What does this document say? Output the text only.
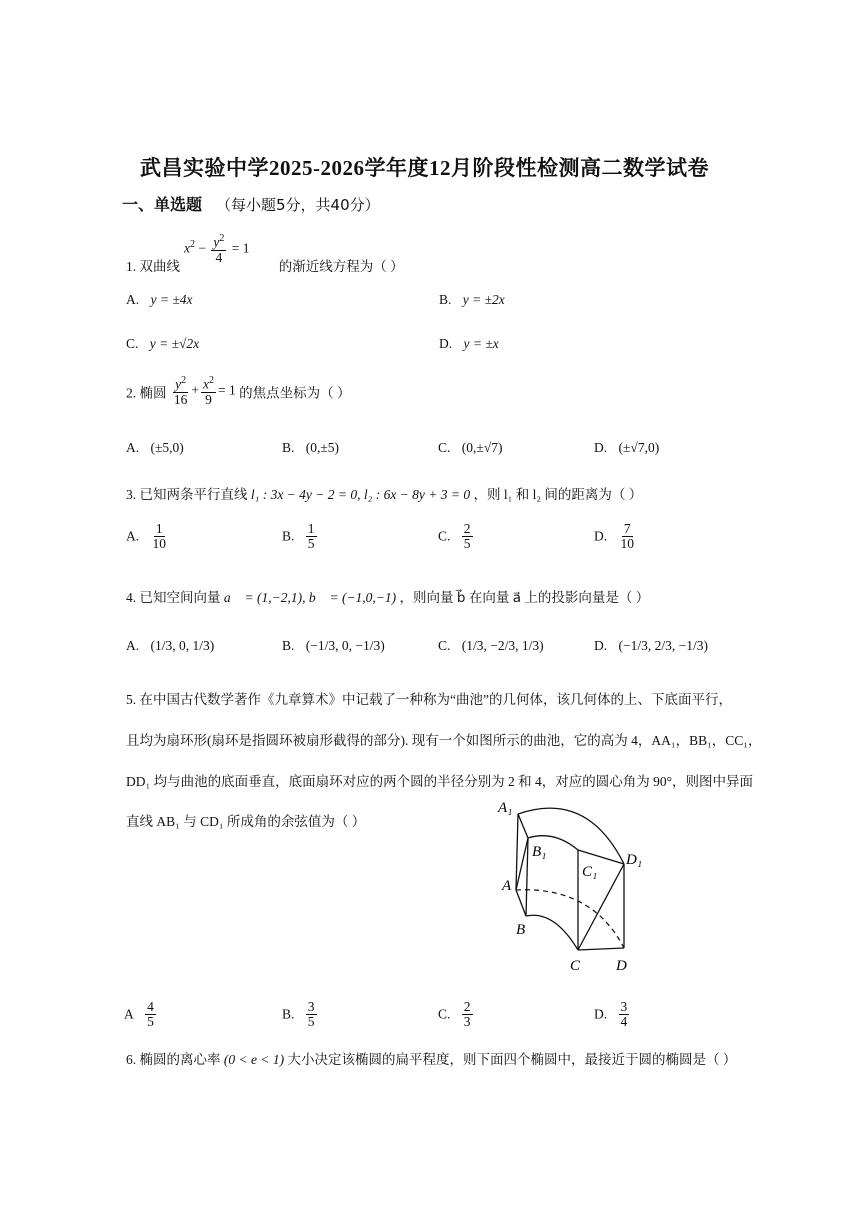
武昌实验中学2025-2026学年度12月阶段性检测高二数学试卷
一、单选题 （每小题5分，共40分）
$x^2 - \frac{y^2}{4} = 1$
1. 双曲线	的渐近线方程为（ ）
A. y = ±4x	B. y = ±2x
C. y = ±√2x	D. y = ±x
2. 椭圆 $\frac{y^2}{16} + \frac{x^2}{9} = 1$ 的焦点坐标为（ ）
A. (±5,0)	B. (0,±5)	C. (0,±√7)	D. (±√7,0)
3. 已知两条平行直线 l₁ : 3x − 4y − 2 = 0, l₂ : 6x − 8y + 3 = 0 ，则 l₁ 和 l₂ 间的距离为（ ）
A. $\frac{1}{10}$	B. $\frac{1}{5}$	C. $\frac{2}{5}$	D. $\frac{7}{10}$
4. 已知空间向量 a⃗ = (1,−2,1), b⃗ = (−1,0,−1) ，则向量 b⃗ 在向量 a⃗ 上的投影向量是（ ）
A. (1/3, 0, 1/3)	B. (−1/3, 0, −1/3)	C. (1/3, −2/3, 1/3)	D. (−1/3, 2/3, −1/3)
5. 在中国古代数学著作《九章算术》中记载了一种称为“曲池”的几何体，该几何体的上、下底面平行，
且均为扇环形(扇环是指圆环被扇形截得的部分). 现有一个如图所示的曲池，它的高为 4，AA₁，BB₁，CC₁，
DD₁ 均与曲池的底面垂直，底面扇环对应的两个圆的半径分别为 2 和 4，对应的圆心角为 90°，则图中异面
直线 AB₁ 与 CD₁ 所成角的余弦值为（ ）
A₁
B₁
C₁
D₁
A
B
C D
A $\frac{4}{5}$	B. $\frac{3}{5}$	C. $\frac{2}{3}$	D. $\frac{3}{4}$
6. 椭圆的离心率 (0 < e < 1) 大小决定该椭圆的扁平程度，则下面四个椭圆中，最接近于圆的椭圆是（ ）
